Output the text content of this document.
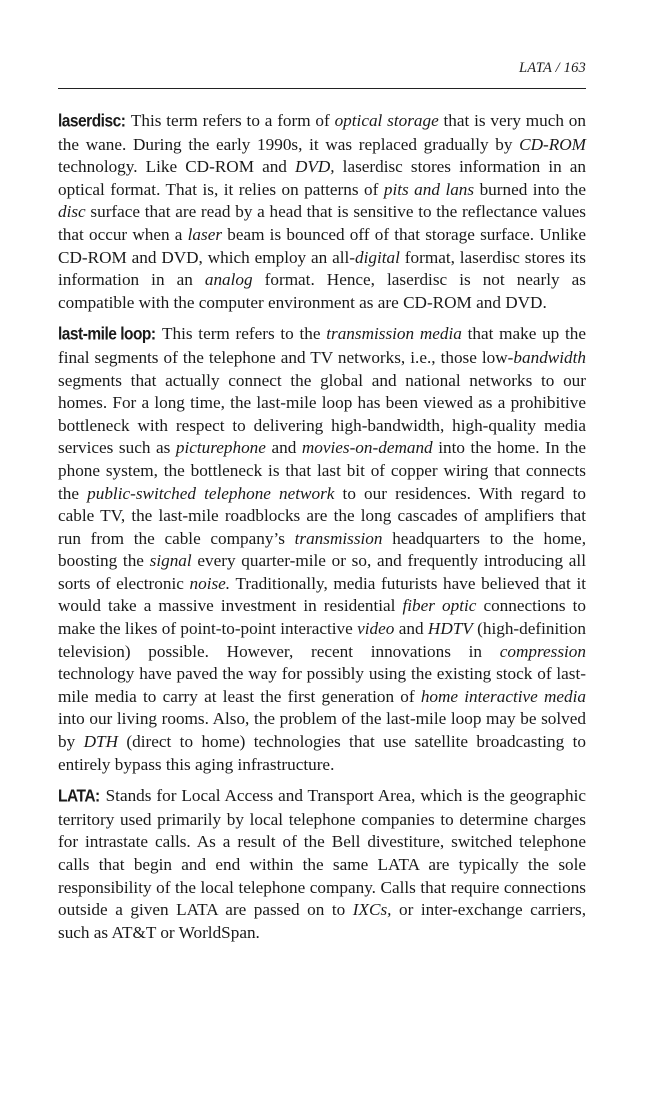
LATA / 163

laserdisc: This term refers to a form of optical storage that is very much on the wane. During the early 1990s, it was replaced gradually by CD-ROM technology. Like CD-ROM and DVD, laserdisc stores information in an optical format. That is, it relies on patterns of pits and lans burned into the disc surface that are read by a head that is sensitive to the reflectance values that occur when a laser beam is bounced off of that storage surface. Unlike CD-ROM and DVD, which employ an all-digital format, laserdisc stores its information in an analog format. Hence, laserdisc is not nearly as compatible with the computer environment as are CD-ROM and DVD.

last-mile loop: This term refers to the transmission media that make up the final segments of the telephone and TV networks, i.e., those low-bandwidth segments that actually connect the global and national networks to our homes. For a long time, the last-mile loop has been viewed as a prohibitive bottleneck with respect to delivering high-bandwidth, high-quality media services such as picturephone and movies-on-demand into the home. In the phone system, the bottleneck is that last bit of copper wiring that connects the public-switched telephone network to our residences. With regard to cable TV, the last-mile roadblocks are the long cascades of amplifiers that run from the cable company’s transmission headquarters to the home, boosting the signal every quarter-mile or so, and frequently introducing all sorts of electronic noise. Traditionally, media futurists have believed that it would take a massive investment in residential fiber optic connections to make the likes of point-to-point interactive video and HDTV (high-definition television) possible. However, recent innovations in compression technology have paved the way for possibly using the existing stock of last-mile media to carry at least the first generation of home interactive media into our living rooms. Also, the problem of the last-mile loop may be solved by DTH (direct to home) technologies that use satellite broadcasting to entirely bypass this aging infrastructure.

LATA: Stands for Local Access and Transport Area, which is the geographic territory used primarily by local telephone companies to determine charges for intrastate calls. As a result of the Bell divestiture, switched telephone calls that begin and end within the same LATA are typically the sole responsibility of the local telephone company. Calls that require connections outside a given LATA are passed on to IXCs, or inter-exchange carriers, such as AT&T or WorldSpan.
